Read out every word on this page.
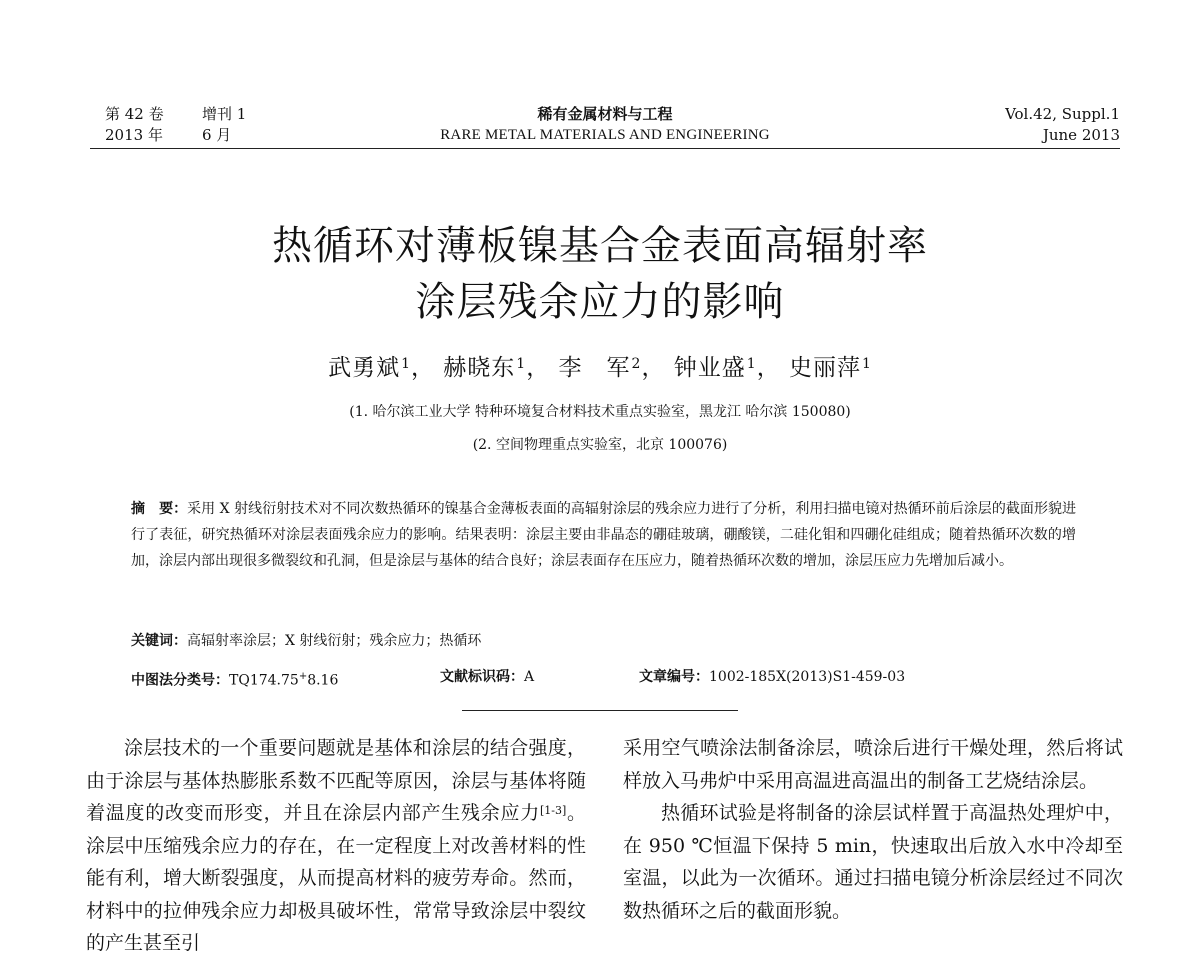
第 42 卷
2013 年
增刊 1
6 月
稀有金属材料与工程
RARE METAL MATERIALS AND ENGINEERING
Vol.42, Suppl.1
June 2013
热循环对薄板镍基合金表面高辐射率
涂层残余应力的影响
武勇斌$^1$， 赫晓东$^1$， 李　军$^2$， 钟业盛$^1$， 史丽萍$^1$
(1. 哈尔滨工业大学 特种环境复合材料技术重点实验室，黑龙江 哈尔滨 150080)
(2. 空间物理重点实验室，北京 100076)
摘　要：采用 X 射线衍射技术对不同次数热循环的镍基合金薄板表面的高辐射涂层的残余应力进行了分析，利用扫描电镜对热循环前后涂层的截面形貌进行了表征，研究热循环对涂层表面残余应力的影响。结果表明：涂层主要由非晶态的硼硅玻璃，硼酸镁，二硅化钼和四硼化硅组成；随着热循环次数的增加，涂层内部出现很多微裂纹和孔洞，但是涂层与基体的结合良好；涂层表面存在压应力，随着热循环次数的增加，涂层压应力先增加后减小。
关键词：高辐射率涂层；X 射线衍射；残余应力；热循环
中图法分类号：TQ174.75+8.16	文献标识码：A	文章编号：1002-185X(2013)S1-459-03

涂层技术的一个重要问题就是基体和涂层的结合强度，由于涂层与基体热膨胀系数不匹配等原因，涂层与基体将随着温度的改变而形变，并且在涂层内部产生残余应力[1-3]。涂层中压缩残余应力的存在，在一定程度上对改善材料的性能有利，增大断裂强度，从而提高材料的疲劳寿命。然而，材料中的拉伸残余应力却极具破坏性，常常导致涂层中裂纹的产生甚至引

采用空气喷涂法制备涂层，喷涂后进行干燥处理，然后将试样放入马弗炉中采用高温进高温出的制备工艺烧结涂层。

热循环试验是将制备的涂层试样置于高温热处理炉中，在 950 ℃恒温下保持 5 min，快速取出后放入水中冷却至室温，以此为一次循环。通过扫描电镜分析涂层经过不同次数热循环之后的截面形貌。
